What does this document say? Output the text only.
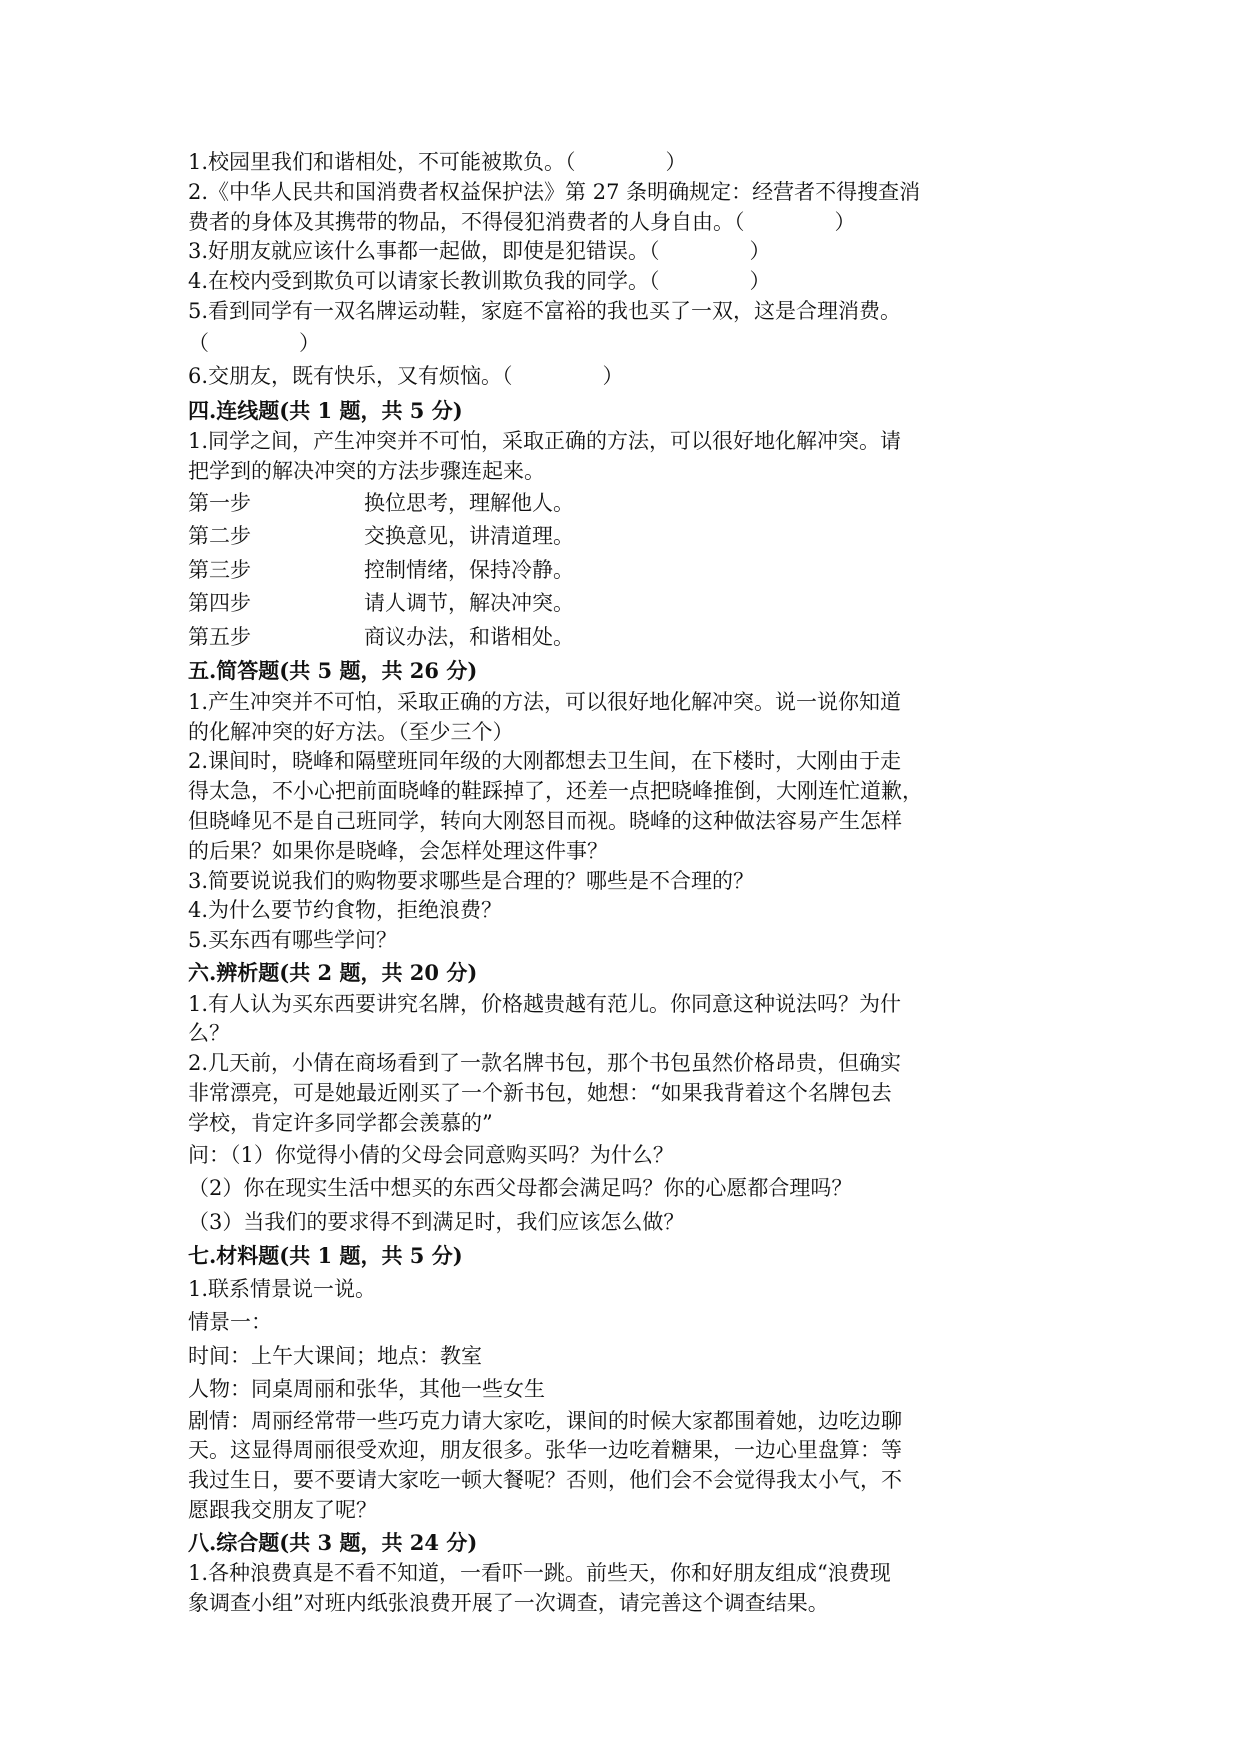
1.校园里我们和谐相处，不可能被欺负。（	）
2.《中华人民共和国消费者权益保护法》第 27 条明确规定：经营者不得搜查消
费者的身体及其携带的物品，不得侵犯消费者的人身自由。（	）
3.好朋友就应该什么事都一起做，即使是犯错误。（	）
4.在校内受到欺负可以请家长教训欺负我的同学。（	）
5.看到同学有一双名牌运动鞋，家庭不富裕的我也买了一双，这是合理消费。
（	）
6.交朋友，既有快乐，又有烦恼。（	）
四.连线题(共 1 题，共 5 分)
1.同学之间，产生冲突并不可怕，采取正确的方法，可以很好地化解冲突。请
把学到的解决冲突的方法步骤连起来。
第一步	换位思考，理解他人。
第二步	交换意见，讲清道理。
第三步	控制情绪，保持冷静。
第四步	请人调节，解决冲突。
第五步	商议办法，和谐相处。
五.简答题(共 5 题，共 26 分)
1.产生冲突并不可怕，采取正确的方法，可以很好地化解冲突。说一说你知道
的化解冲突的好方法。（至少三个）
2.课间时，晓峰和隔壁班同年级的大刚都想去卫生间，在下楼时，大刚由于走
得太急，不小心把前面晓峰的鞋踩掉了，还差一点把晓峰推倒，大刚连忙道歉，
但晓峰见不是自己班同学，转向大刚怒目而视。晓峰的这种做法容易产生怎样
的后果？如果你是晓峰，会怎样处理这件事？
3.简要说说我们的购物要求哪些是合理的？哪些是不合理的？
4.为什么要节约食物，拒绝浪费？
5.买东西有哪些学问？
六.辨析题(共 2 题，共 20 分)
1.有人认为买东西要讲究名牌，价格越贵越有范儿。你同意这种说法吗？为什
么？
2.几天前，小倩在商场看到了一款名牌书包，那个书包虽然价格昂贵，但确实
非常漂亮，可是她最近刚买了一个新书包，她想：“如果我背着这个名牌包去
学校，肯定许多同学都会羡慕的”
问：（1）你觉得小倩的父母会同意购买吗？为什么？
（2）你在现实生活中想买的东西父母都会满足吗？你的心愿都合理吗？
（3）当我们的要求得不到满足时，我们应该怎么做？
七.材料题(共 1 题，共 5 分)
1.联系情景说一说。
情景一：
时间：上午大课间；地点：教室
人物：同桌周丽和张华，其他一些女生
剧情：周丽经常带一些巧克力请大家吃，课间的时候大家都围着她，边吃边聊
天。这显得周丽很受欢迎，朋友很多。张华一边吃着糖果，一边心里盘算：等
我过生日，要不要请大家吃一顿大餐呢？否则，他们会不会觉得我太小气，不
愿跟我交朋友了呢？
八.综合题(共 3 题，共 24 分)
1.各种浪费真是不看不知道，一看吓一跳。前些天，你和好朋友组成“浪费现
象调查小组”对班内纸张浪费开展了一次调查，请完善这个调查结果。
